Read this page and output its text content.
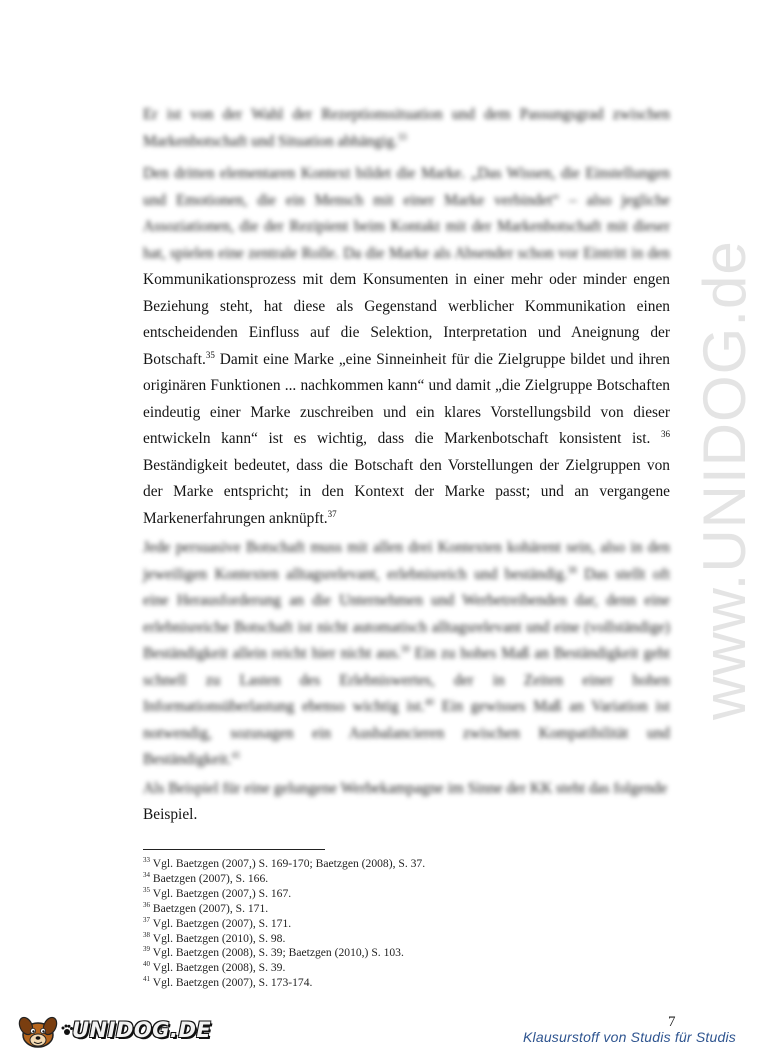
www.UNIDOG.de
Er ist von der Wahl der Rezeptionssituation und dem Passungsgrad zwischen Markenbotschaft und Situation abhängig.$^{33}$
Den dritten elementaren Kontext bildet die Marke. „Das Wissen, die Einstellungen und Emotionen, die ein Mensch mit einer Marke verbindet“ – also jegliche Assoziationen, die der Rezipient beim Kontakt mit der Markenbotschaft mit dieser hat, spielen eine zentrale Rolle. Da die Marke als Absender schon vor Eintritt in den Kommunikationsprozess mit dem Konsumenten in einer mehr oder minder engen Beziehung steht, hat diese als Gegenstand werblicher Kommunikation einen entscheidenden Einfluss auf die Selektion, Interpretation und Aneignung der Botschaft.$^{35}$ Damit eine Marke „eine Sinneinheit für die Zielgruppe bildet und ihren originären Funktionen ... nachkommen kann“ und damit „die Zielgruppe Botschaften eindeutig einer Marke zuschreiben und ein klares Vorstellungsbild von dieser entwickeln kann“ ist es wichtig, dass die Markenbotschaft konsistent ist. $^{36}$ Beständigkeit bedeutet, dass die Botschaft den Vorstellungen der Zielgruppen von der Marke entspricht; in den Kontext der Marke passt; und an vergangene Markenerfahrungen anknüpft.$^{37}$
Jede persuasive Botschaft muss mit allen drei Kontexten kohärent sein, also in den jeweiligen Kontexten alltagsrelevant, erlebnisreich und beständig.$^{38}$ Das stellt oft eine Herausforderung an die Unternehmen und Werbetreibenden dar, denn eine erlebnisreiche Botschaft ist nicht automatisch alltagsrelevant und eine (vollständige) Beständigkeit allein reicht hier nicht aus.$^{39}$ Ein zu hohes Maß an Beständigkeit geht schnell zu Lasten des Erlebniswertes, der in Zeiten einer hohen Informationsüberlastung ebenso wichtig ist.$^{40}$ Ein gewisses Maß an Variation ist notwendig, sozusagen ein Ausbalancieren zwischen Kompatibilität und Beständigkeit.$^{41}$
Als Beispiel für eine gelungene Werbekampagne im Sinne der KK steht das folgende
Beispiel.
$^{33}$ Vgl. Baetzgen (2007,) S. 169-170; Baetzgen (2008), S. 37.
$^{34}$ Baetzgen (2007), S. 166.
$^{35}$ Vgl. Baetzgen (2007,) S. 167.
$^{36}$ Baetzgen (2007), S. 171.
$^{37}$ Vgl. Baetzgen (2007), S. 171.
$^{38}$ Vgl. Baetzgen (2010), S. 98.
$^{39}$ Vgl. Baetzgen (2008), S. 39; Baetzgen (2010,) S. 103.
$^{40}$ Vgl. Baetzgen (2008), S. 39.
$^{41}$ Vgl. Baetzgen (2007), S. 173-174.
UNIDOG.DE	7
Klausurstoff von Studis für Studis
